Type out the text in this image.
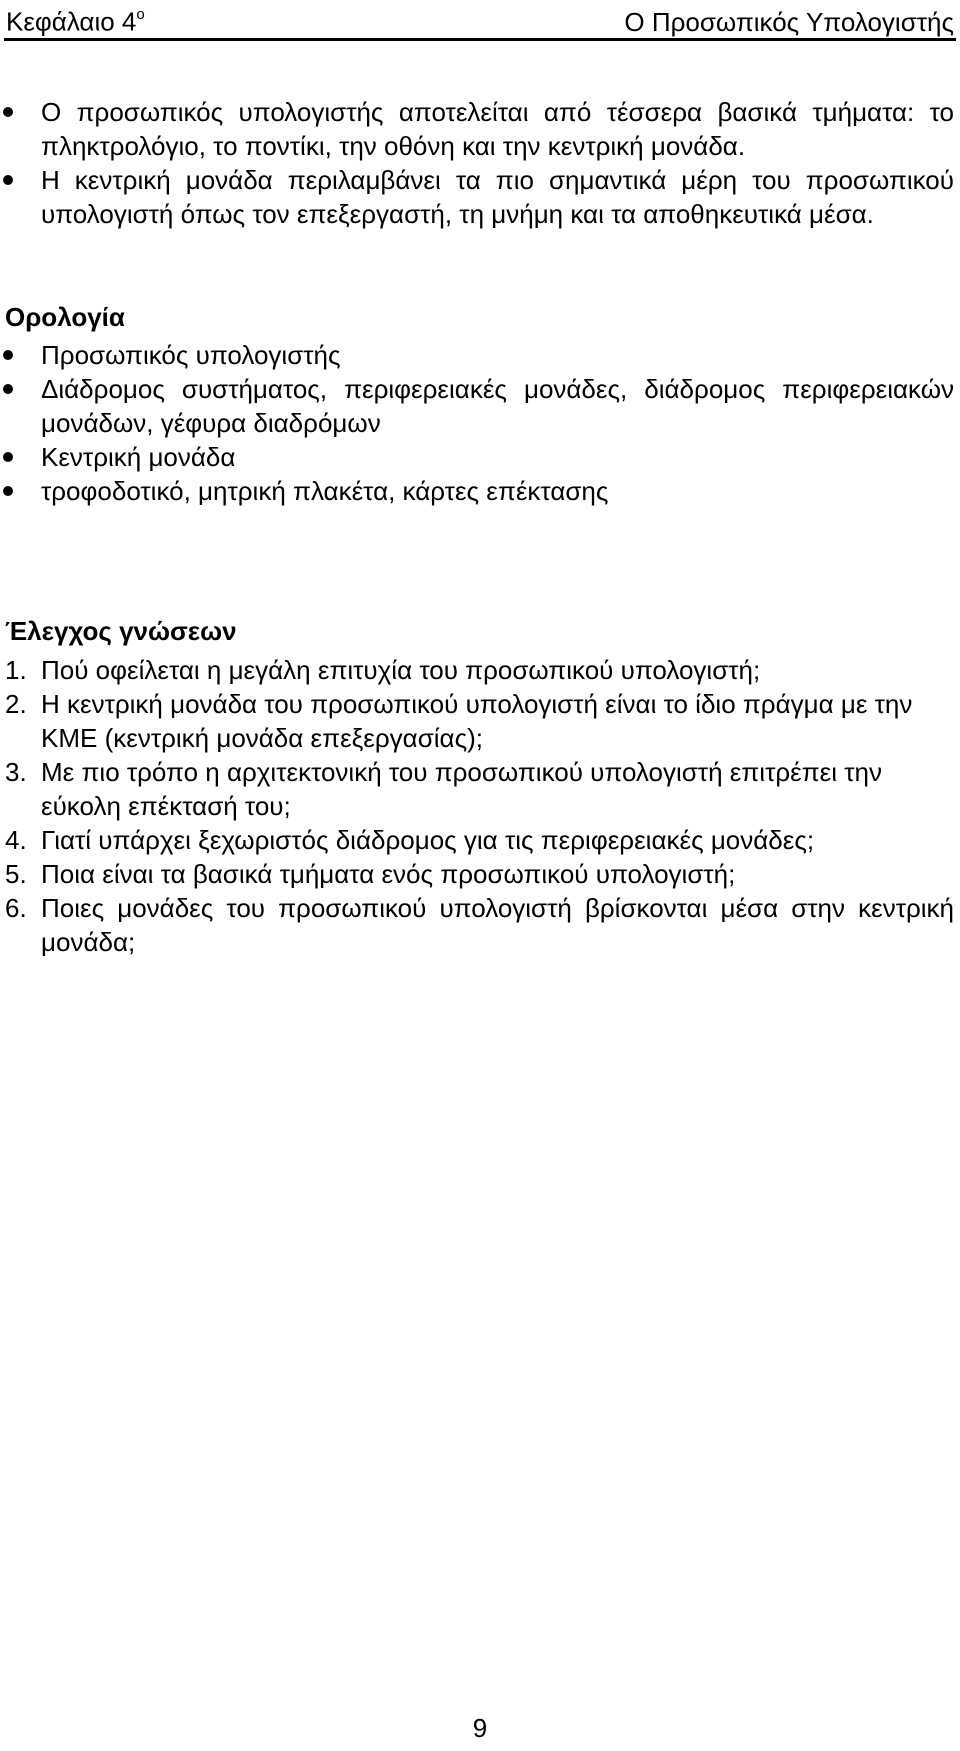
Κεφάλαιο $4^o$	Ο Προσωπικός Υπολογιστής
Ο προσωπικός υπολογιστής αποτελείται από τέσσερα βασικά τμήματα: το πληκτρολόγιο, το ποντίκι, την οθόνη και την κεντρική μονάδα.
Η κεντρική μονάδα περιλαμβάνει τα πιο σημαντικά μέρη του προσωπικού υπολογιστή όπως τον επεξεργαστή, τη μνήμη και τα αποθηκευτικά μέσα.
Ορολογία
Προσωπικός υπολογιστής
Διάδρομος συστήματος, περιφερειακές μονάδες, διάδρομος περιφερειακών μονάδων, γέφυρα διαδρόμων
Κεντρική μονάδα
τροφοδοτικό, μητρική πλακέτα, κάρτες επέκτασης
Έλεγχος γνώσεων
1. Πού οφείλεται η μεγάλη επιτυχία του προσωπικού υπολογιστή;
2. Η κεντρική μονάδα του προσωπικού υπολογιστή είναι το ίδιο πράγμα με την ΚΜΕ (κεντρική μονάδα επεξεργασίας);
3. Με πιο τρόπο η αρχιτεκτονική του προσωπικού υπολογιστή επιτρέπει την εύκολη επέκτασή του;
4. Γιατί υπάρχει ξεχωριστός διάδρομος για τις περιφερειακές μονάδες;
5. Ποια είναι τα βασικά τμήματα ενός προσωπικού υπολογιστή;
6. Ποιες μονάδες του προσωπικού υπολογιστή βρίσκονται μέσα στην κεντρική μονάδα;
9
